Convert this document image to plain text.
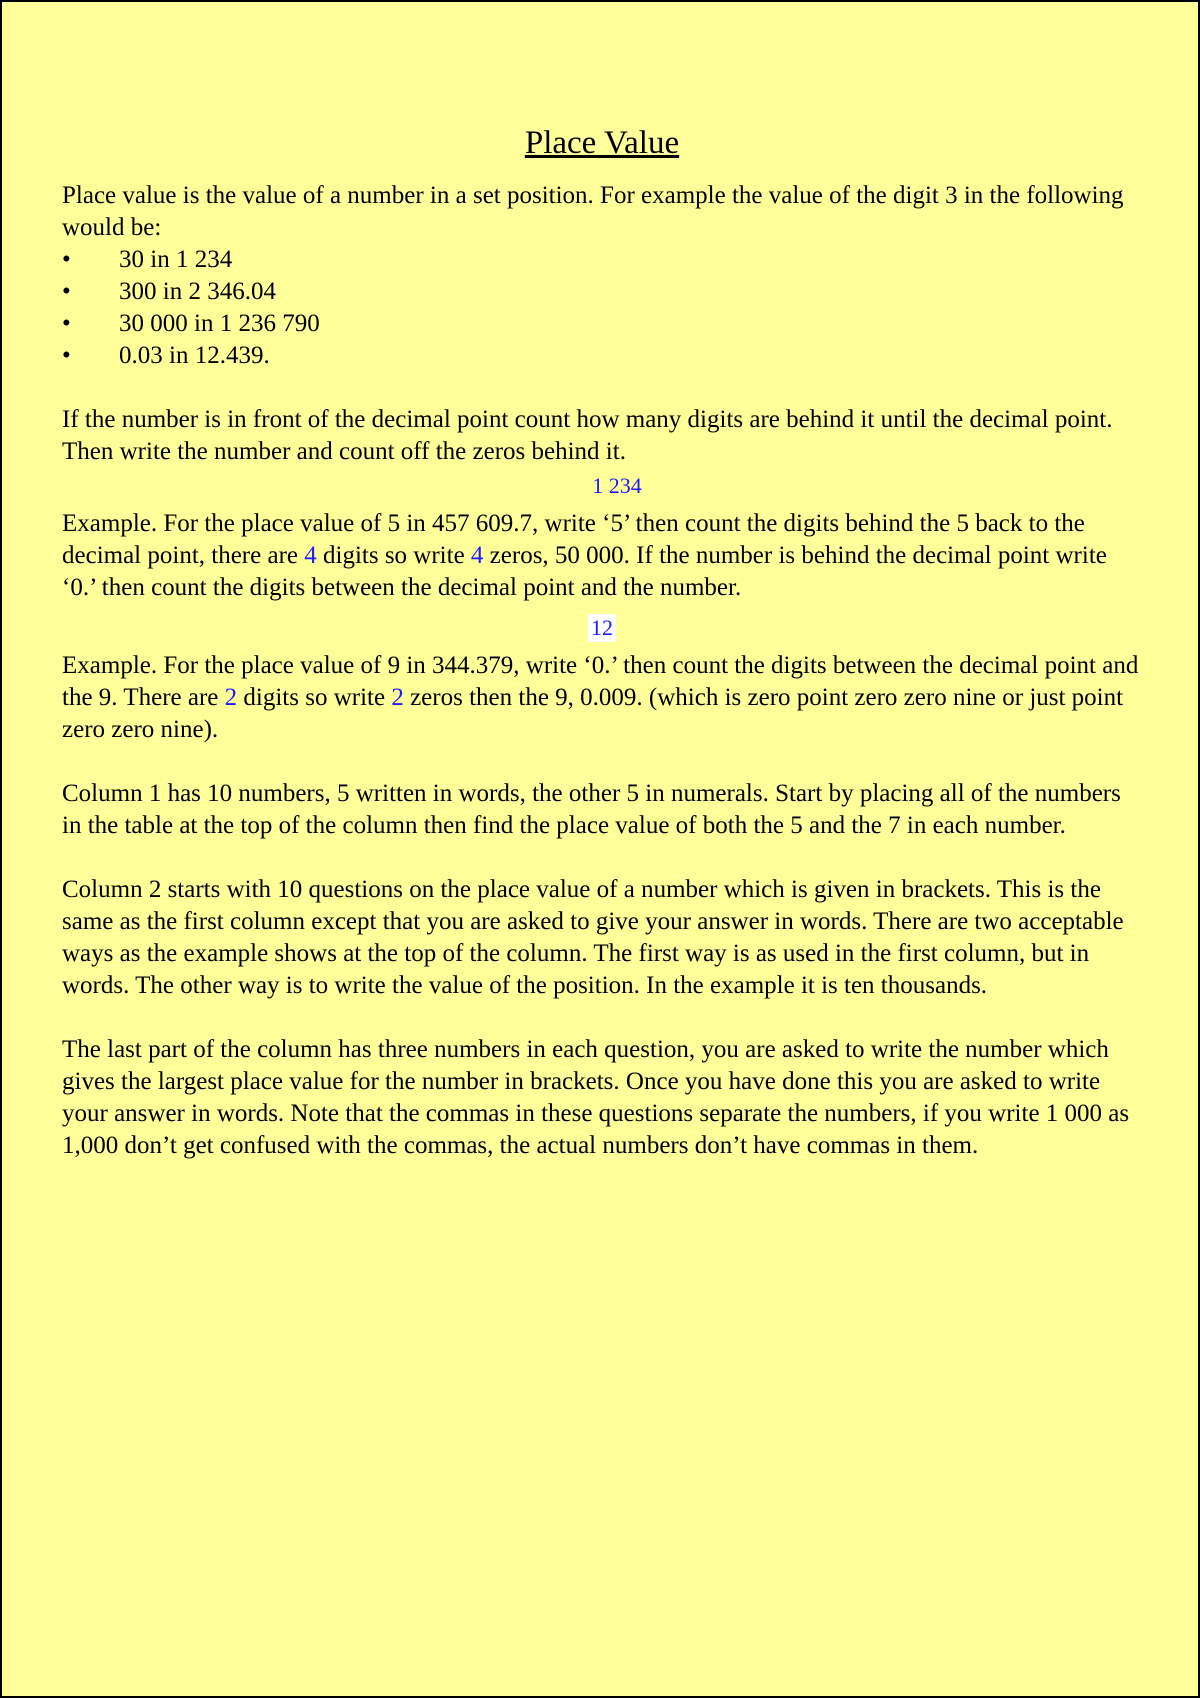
Place Value

Place value is the value of a number in a set position. For example the value of the digit 3 in the following would be:

• 30 in 1 234
• 300 in 2 346.04
• 30 000 in 1 236 790
• 0.03 in 12.439.

If the number is in front of the decimal point count how many digits are behind it until the decimal point. Then write the number and count off the zeros behind it.

1 234

Example. For the place value of 5 in 457 609.7, write ‘5’ then count the digits behind the 5 back to the decimal point, there are 4 digits so write 4 zeros, 50 000. If the number is behind the decimal point write ‘0.’ then count the digits between the decimal point and the number.

12

Example. For the place value of 9 in 344.379, write ‘0.’ then count the digits between the decimal point and the 9. There are 2 digits so write 2 zeros then the 9, 0.009. (which is zero point zero zero nine or just point zero zero nine).

Column 1 has 10 numbers, 5 written in words, the other 5 in numerals. Start by placing all of the numbers in the table at the top of the column then find the place value of both the 5 and the 7 in each number.

Column 2 starts with 10 questions on the place value of a number which is given in brackets. This is the same as the first column except that you are asked to give your answer in words. There are two acceptable ways as the example shows at the top of the column. The first way is as used in the first column, but in words. The other way is to write the value of the position. In the example it is ten thousands.

The last part of the column has three numbers in each question, you are asked to write the number which gives the largest place value for the number in brackets. Once you have done this you are asked to write your answer in words. Note that the commas in these questions separate the numbers, if you write 1 000 as 1,000 don’t get confused with the commas, the actual numbers don’t have commas in them.
